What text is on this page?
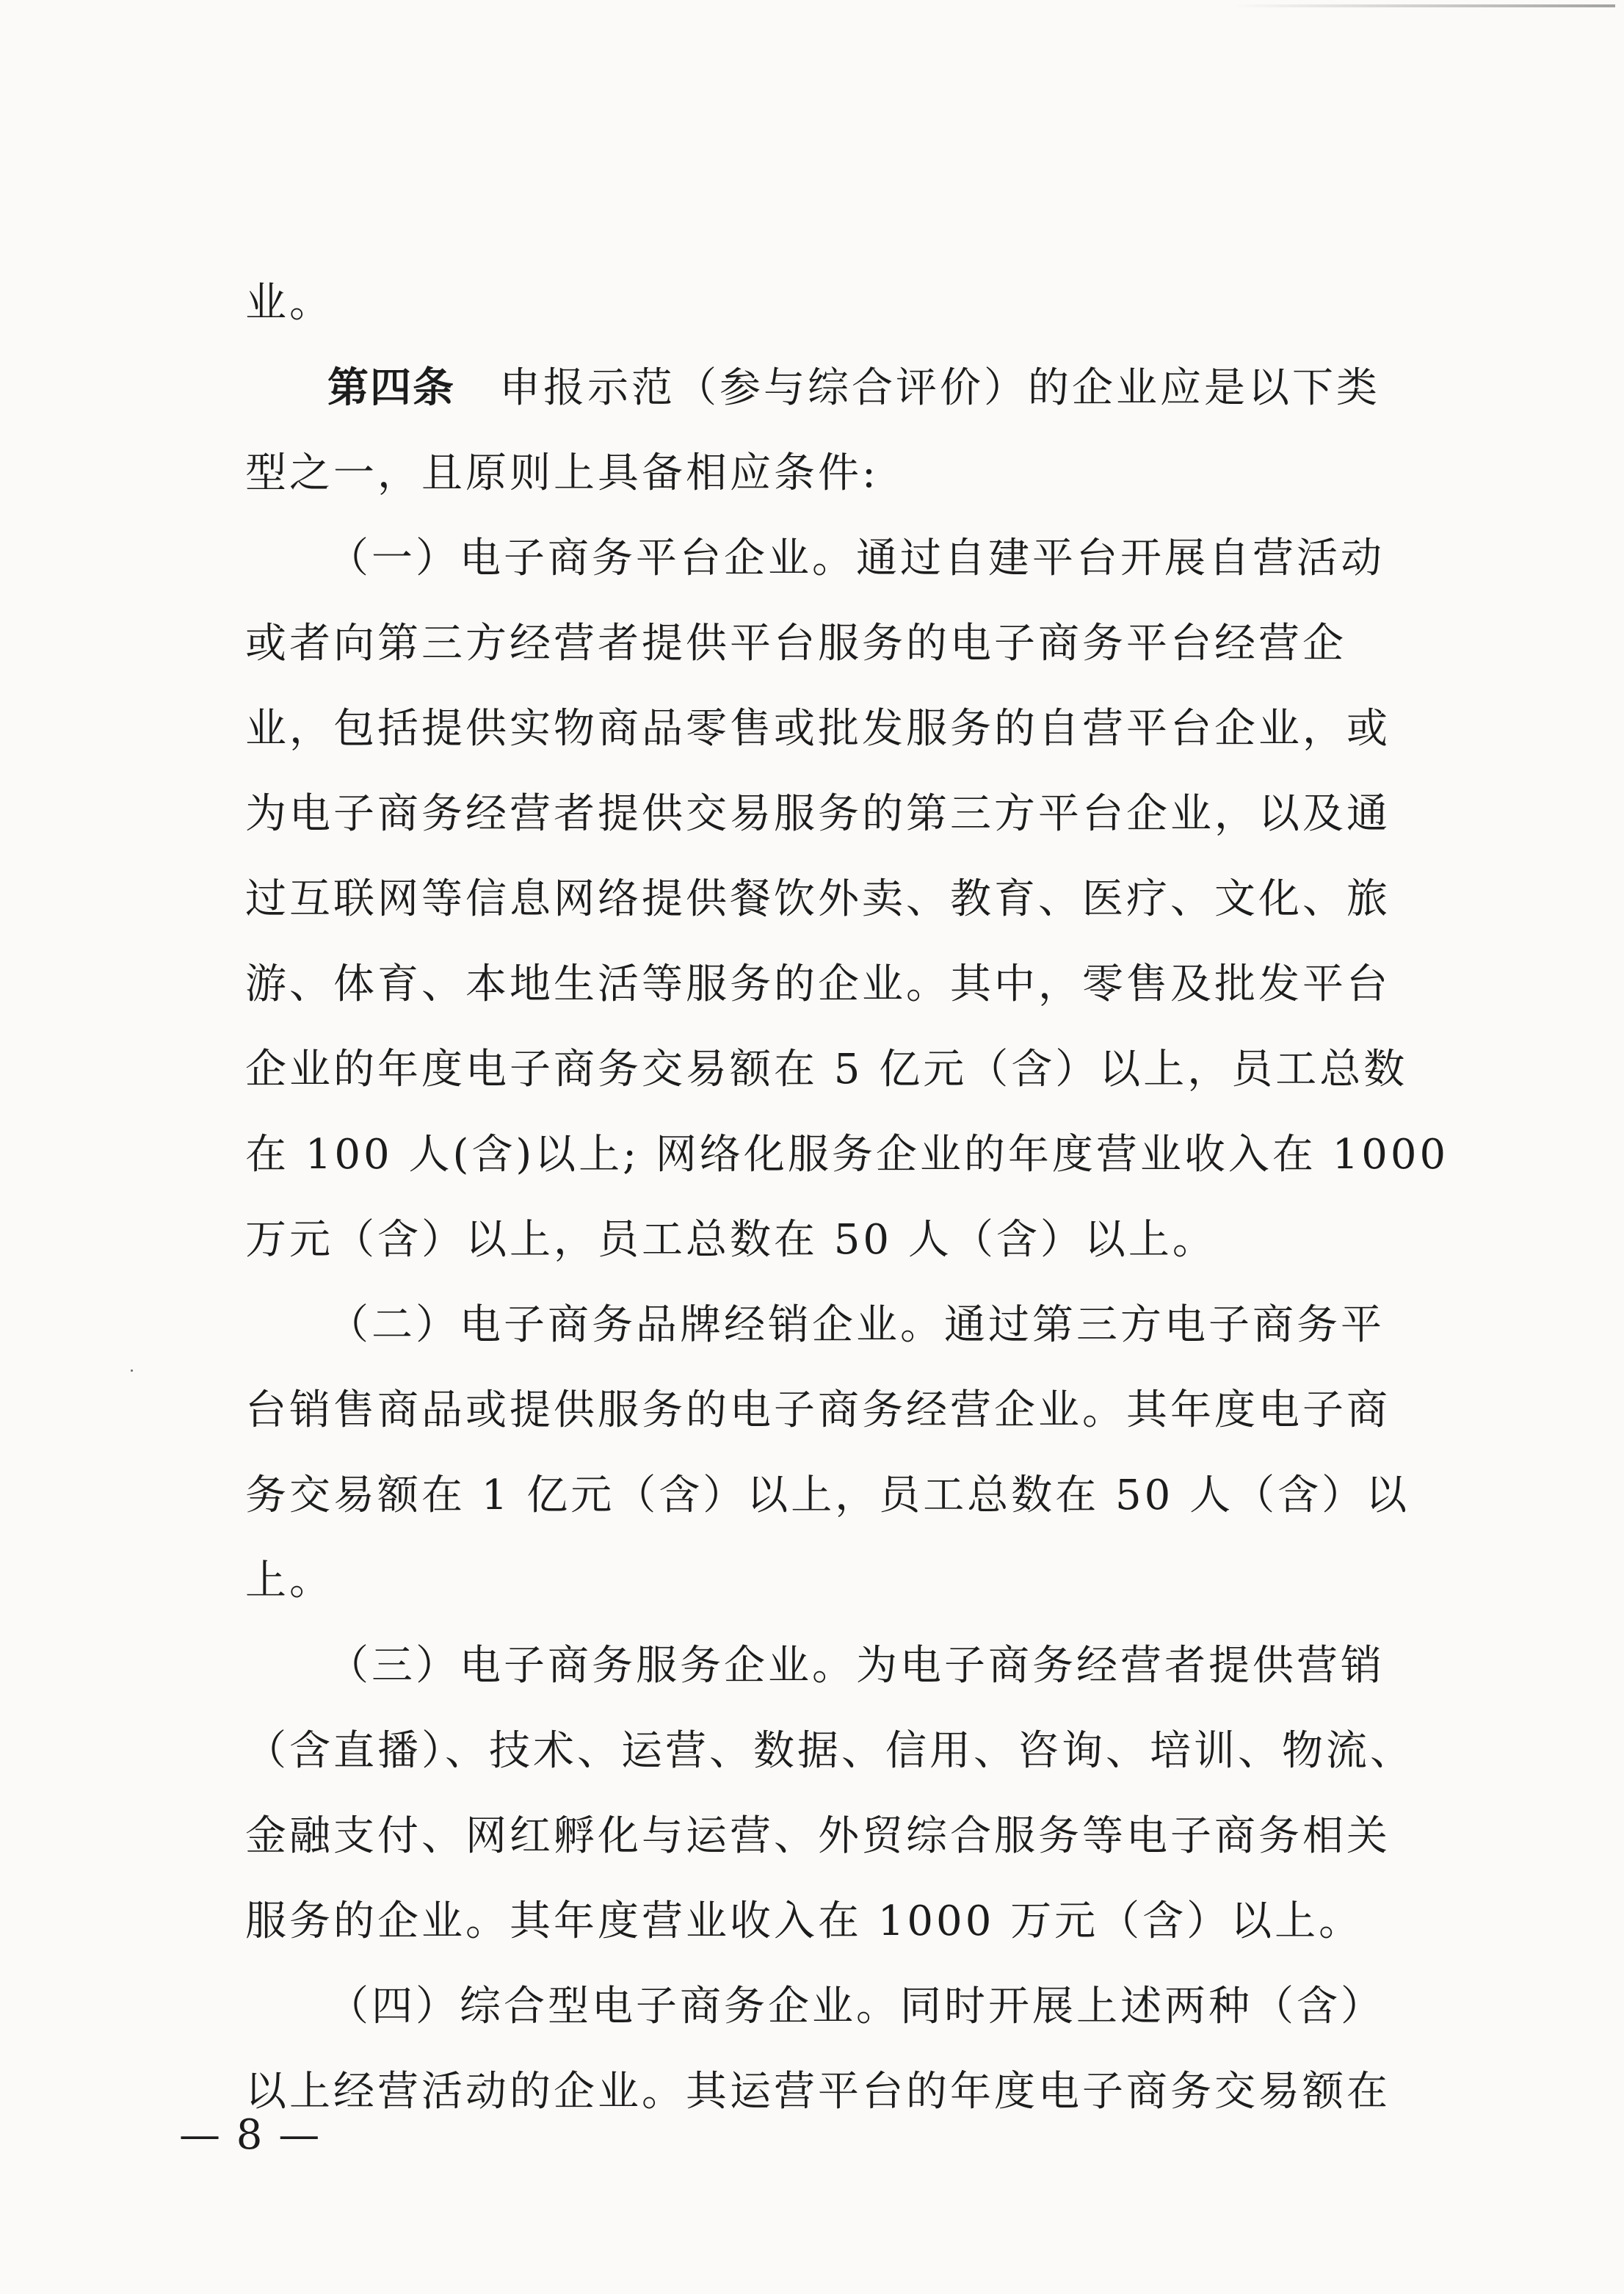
业。
第四条 申报示范（参与综合评价）的企业应是以下类
型之一，且原则上具备相应条件:
（一）电子商务平台企业。通过自建平台开展自营活动
或者向第三方经营者提供平台服务的电子商务平台经营企
业，包括提供实物商品零售或批发服务的自营平台企业，或
为电子商务经营者提供交易服务的第三方平台企业，以及通
过互联网等信息网络提供餐饮外卖、教育、医疗、文化、旅
游、体育、本地生活等服务的企业。其中，零售及批发平台
企业的年度电子商务交易额在 5 亿元（含）以上，员工总数
在 100 人(含)以上; 网络化服务企业的年度营业收入在 1000
万元（含）以上，员工总数在 50 人（含）以上。
（二）电子商务品牌经销企业。通过第三方电子商务平
台销售商品或提供服务的电子商务经营企业。其年度电子商
务交易额在 1 亿元（含）以上，员工总数在 50 人（含）以
上。
（三）电子商务服务企业。为电子商务经营者提供营销
（含直播）、技术、运营、数据、信用、咨询、培训、物流、
金融支付、网红孵化与运营、外贸综合服务等电子商务相关
服务的企业。其年度营业收入在 1000 万元（含）以上。
（四）综合型电子商务企业。同时开展上述两种（含）
以上经营活动的企业。其运营平台的年度电子商务交易额在
— 8 —
